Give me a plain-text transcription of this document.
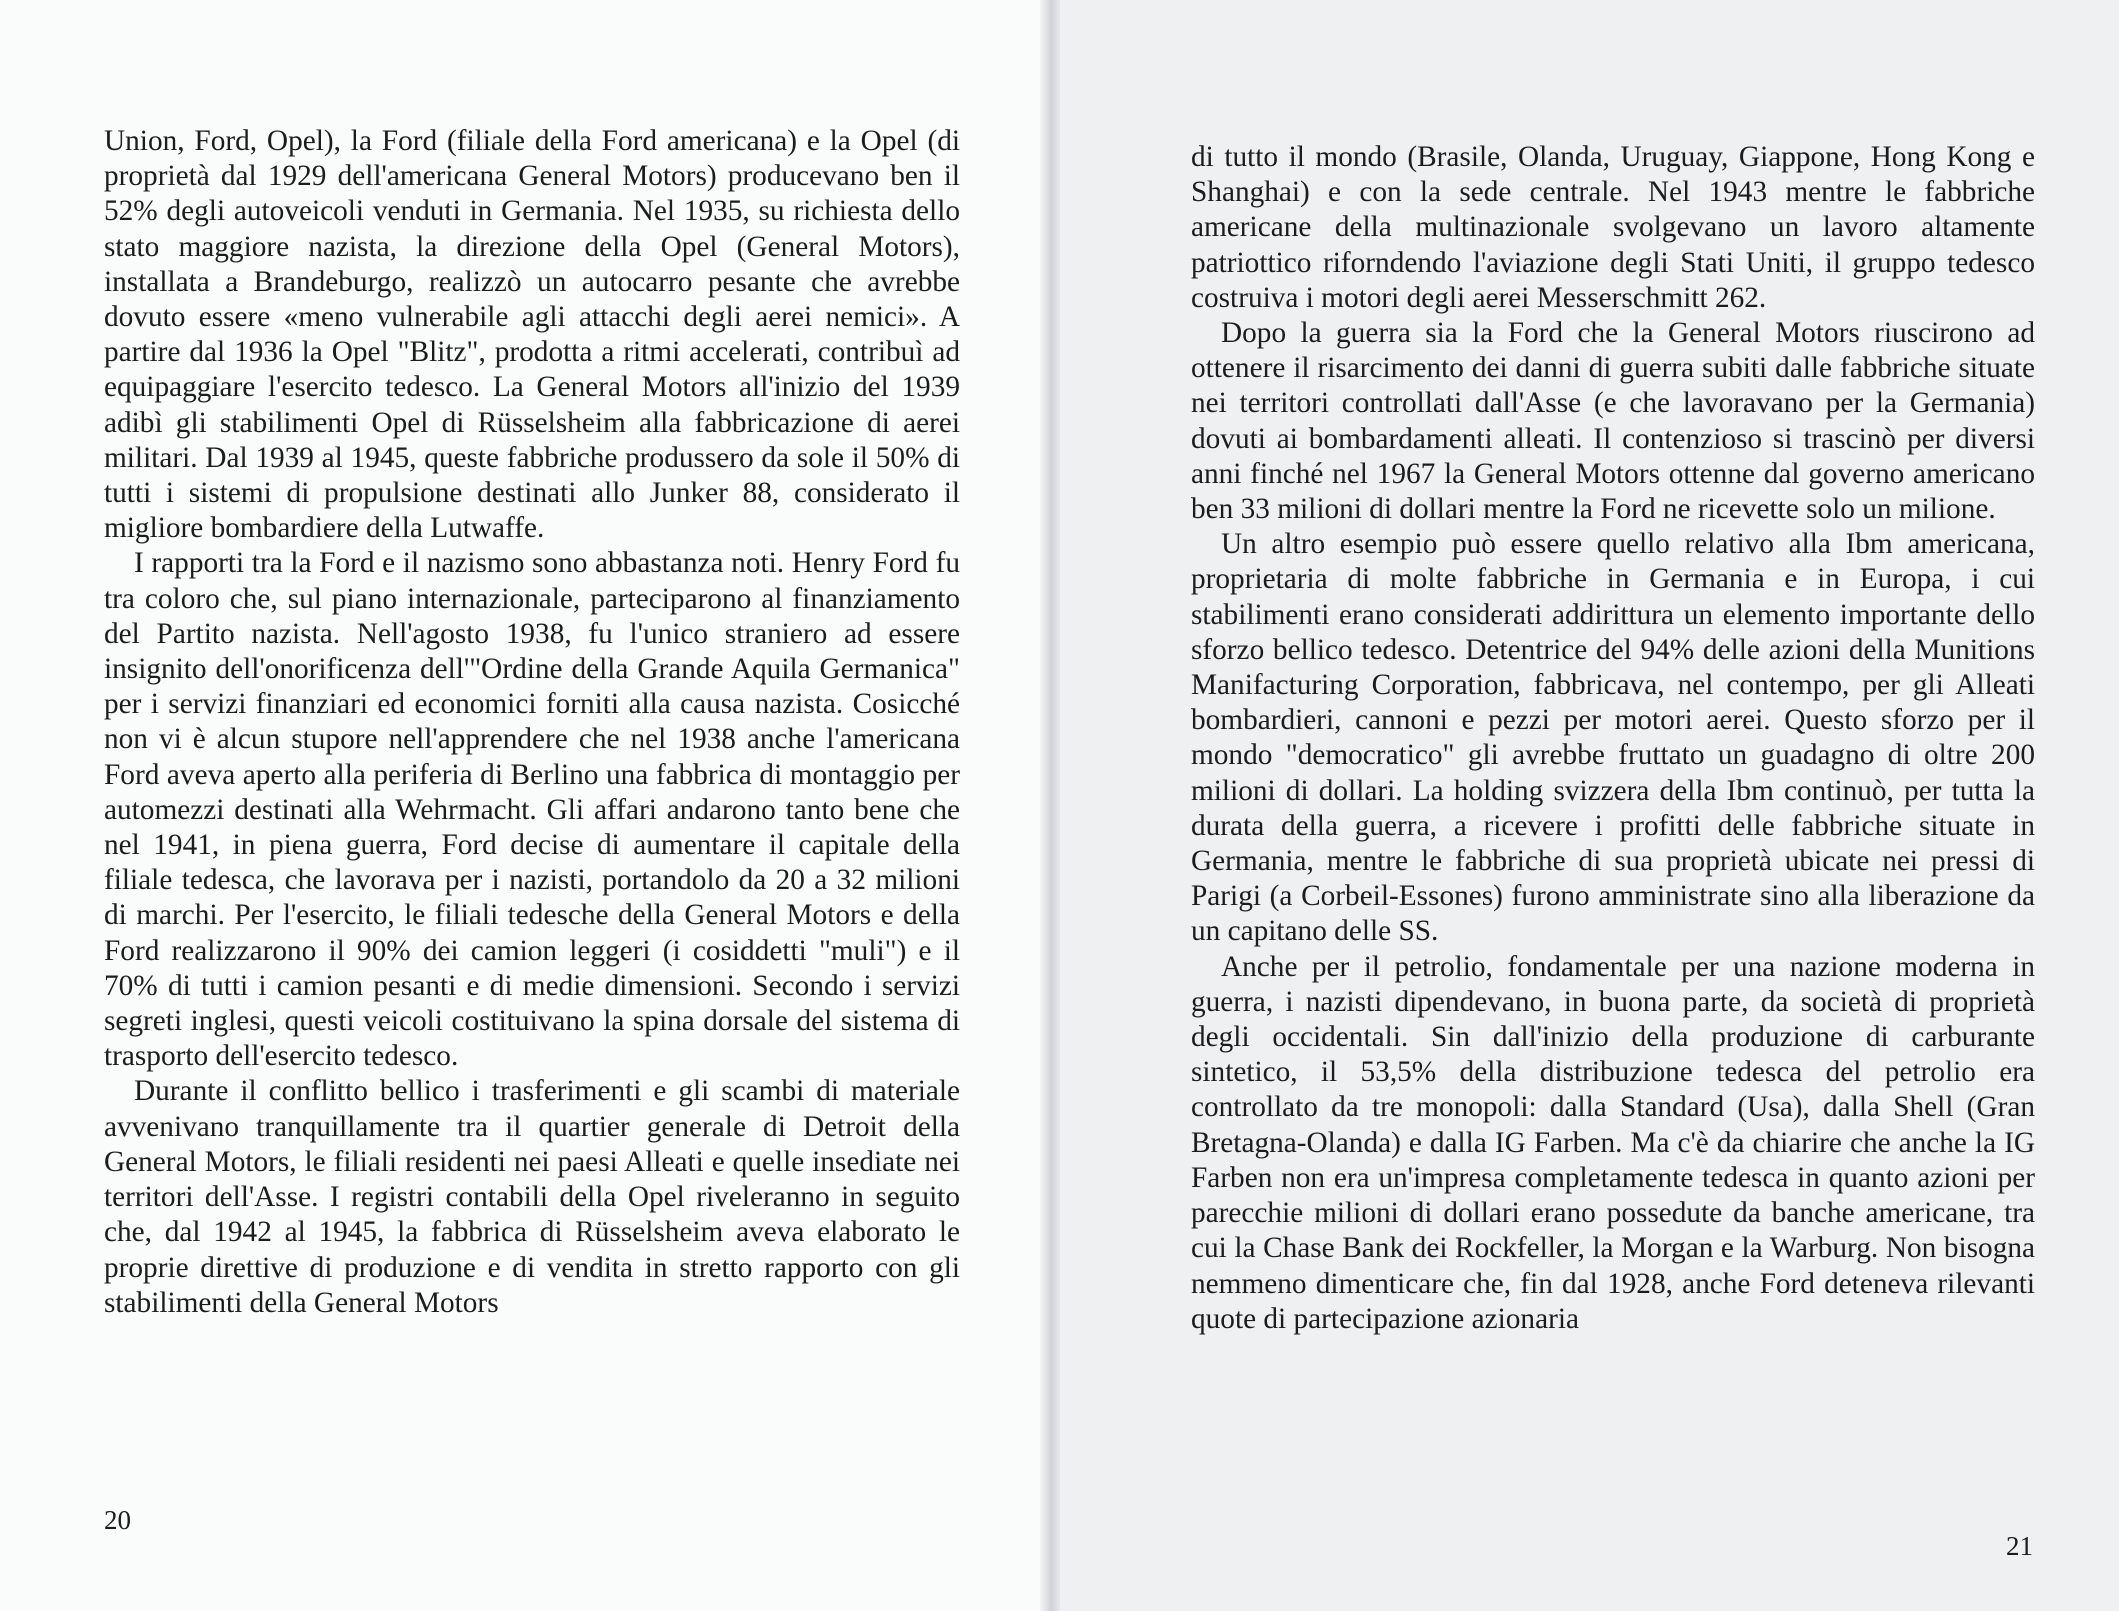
Union, Ford, Opel), la Ford (filiale della Ford americana) e la Opel (di proprietà dal 1929 dell'americana General Motors) producevano ben il 52% degli autoveicoli venduti in Germania. Nel 1935, su richiesta dello stato maggiore nazista, la direzione della Opel (General Motors), installata a Brandeburgo, realizzò un autocarro pesante che avrebbe dovuto essere «meno vulnerabile agli attacchi degli aerei nemici». A partire dal 1936 la Opel "Blitz", prodotta a ritmi accelerati, contribuì ad equipaggiare l'esercito tedesco. La General Motors all'inizio del 1939 adibì gli stabilimenti Opel di Rüsselsheim alla fabbricazione di aerei militari. Dal 1939 al 1945, queste fabbriche produssero da sole il 50% di tutti i sistemi di propulsione destinati allo Junker 88, considerato il migliore bombardiere della Lutwaffe.

I rapporti tra la Ford e il nazismo sono abbastanza noti. Henry Ford fu tra coloro che, sul piano internazionale, parteciparono al finanziamento del Partito nazista. Nell'agosto 1938, fu l'unico straniero ad essere insignito dell'onorificenza dell'"Ordine della Grande Aquila Germanica" per i servizi finanziari ed economici forniti alla causa nazista. Cosicché non vi è alcun stupore nell'apprendere che nel 1938 anche l'americana Ford aveva aperto alla periferia di Berlino una fabbrica di montaggio per automezzi destinati alla Wehrmacht. Gli affari andarono tanto bene che nel 1941, in piena guerra, Ford decise di aumentare il capitale della filiale tedesca, che lavorava per i nazisti, portandolo da 20 a 32 milioni di marchi. Per l'esercito, le filiali tedesche della General Motors e della Ford realizzarono il 90% dei camion leggeri (i cosiddetti "muli") e il 70% di tutti i camion pesanti e di medie dimensioni. Secondo i servizi segreti inglesi, questi veicoli costituivano la spina dorsale del sistema di trasporto dell'esercito tedesco.

Durante il conflitto bellico i trasferimenti e gli scambi di materiale avvenivano tranquillamente tra il quartier generale di Detroit della General Motors, le filiali residenti nei paesi Alleati e quelle insediate nei territori dell'Asse. I registri contabili della Opel riveleranno in seguito che, dal 1942 al 1945, la fabbrica di Rüsselsheim aveva elaborato le proprie direttive di produzione e di vendita in stretto rapporto con gli stabilimenti della General Motors

20

di tutto il mondo (Brasile, Olanda, Uruguay, Giappone, Hong Kong e Shanghai) e con la sede centrale. Nel 1943 mentre le fabbriche americane della multinazionale svolgevano un lavoro altamente patriottico riforndendo l'aviazione degli Stati Uniti, il gruppo tedesco costruiva i motori degli aerei Messerschmitt 262.

Dopo la guerra sia la Ford che la General Motors riuscirono ad ottenere il risarcimento dei danni di guerra subiti dalle fabbriche situate nei territori controllati dall'Asse (e che lavoravano per la Germania) dovuti ai bombardamenti alleati. Il contenzioso si trascinò per diversi anni finché nel 1967 la General Motors ottenne dal governo americano ben 33 milioni di dollari mentre la Ford ne ricevette solo un milione.

Un altro esempio può essere quello relativo alla Ibm americana, proprietaria di molte fabbriche in Germania e in Europa, i cui stabilimenti erano considerati addirittura un elemento importante dello sforzo bellico tedesco. Detentrice del 94% delle azioni della Munitions Manifacturing Corporation, fabbricava, nel contempo, per gli Alleati bombardieri, cannoni e pezzi per motori aerei. Questo sforzo per il mondo "democratico" gli avrebbe fruttato un guadagno di oltre 200 milioni di dollari. La holding svizzera della Ibm continuò, per tutta la durata della guerra, a ricevere i profitti delle fabbriche situate in Germania, mentre le fabbriche di sua proprietà ubicate nei pressi di Parigi (a Corbeil-Essones) furono amministrate sino alla liberazione da un capitano delle SS.

Anche per il petrolio, fondamentale per una nazione moderna in guerra, i nazisti dipendevano, in buona parte, da società di proprietà degli occidentali. Sin dall'inizio della produzione di carburante sintetico, il 53,5% della distribuzione tedesca del petrolio era controllato da tre monopoli: dalla Standard (Usa), dalla Shell (Gran Bretagna-Olanda) e dalla IG Farben. Ma c'è da chiarire che anche la IG Farben non era un'impresa completamente tedesca in quanto azioni per parecchie milioni di dollari erano possedute da banche americane, tra cui la Chase Bank dei Rockfeller, la Morgan e la Warburg. Non bisogna nemmeno dimenticare che, fin dal 1928, anche Ford deteneva rilevanti quote di partecipazione azionaria

21
